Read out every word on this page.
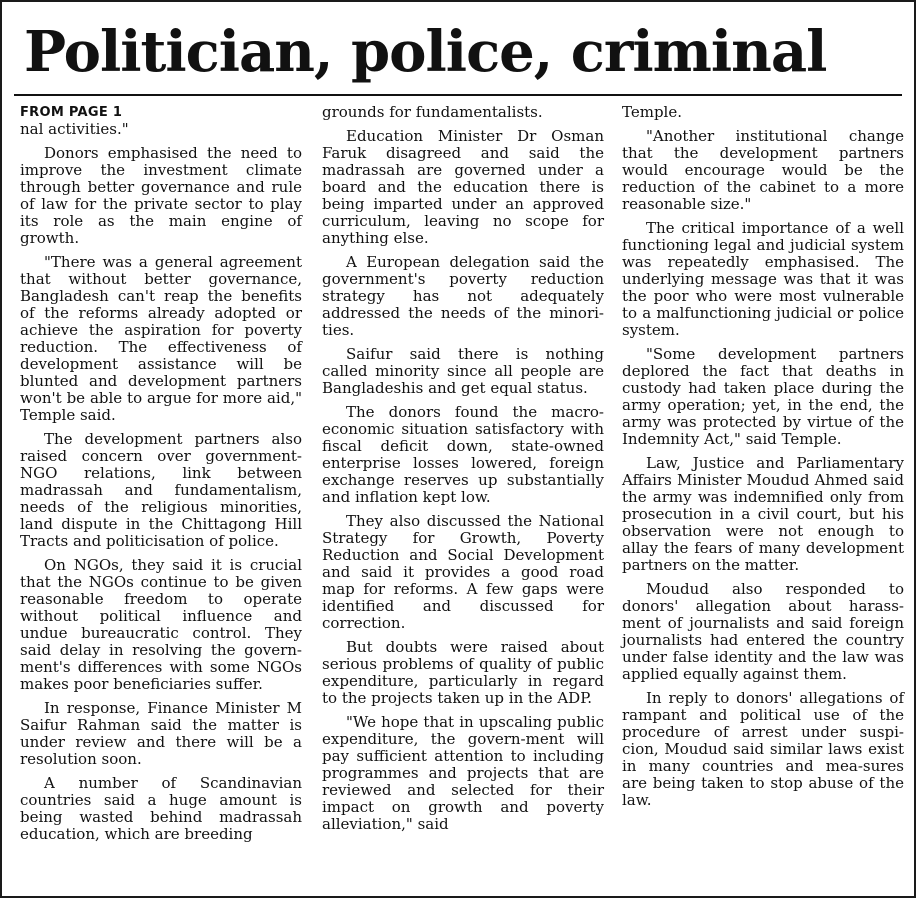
Politician, police, criminal
FROM PAGE 1

nal activities."

Donors emphasised the need to improve the investment climate through better governance and rule of law for the private sector to play its role as the main engine of growth.

"There was a general agreement that without better governance, Bangladesh can't reap the benefits of the reforms already adopted or achieve the aspiration for poverty reduction. The effectiveness of development assistance will be blunted and development partners won't be able to argue for more aid," Temple said.

The development partners also raised concern over government-NGO relations, link between madrassah and fundamentalism, needs of the religious minorities, land dispute in the Chittagong Hill Tracts and politicisation of police.

On NGOs, they said it is crucial that the NGOs continue to be given reasonable freedom to operate without political influence and undue bureaucratic control. They said delay in resolving the govern-ment's differences with some NGOs makes poor beneficiaries suffer.

In response, Finance Minister M Saifur Rahman said the matter is under review and there will be a resolution soon.

A number of Scandinavian countries said a huge amount is being wasted behind madrassah education, which are breeding

grounds for fundamentalists.

Education Minister Dr Osman Faruk disagreed and said the madrassah are governed under a board and the education there is being imparted under an approved curriculum, leaving no scope for anything else.

A European delegation said the government's poverty reduction strategy has not adequately addressed the needs of the minori-ties.

Saifur said there is nothing called minority since all people are Bangladeshis and get equal status.

The donors found the macro-economic situation satisfactory with fiscal deficit down, state-owned enterprise losses lowered, foreign exchange reserves up substantially and inflation kept low.

They also discussed the National Strategy for Growth, Poverty Reduction and Social Development and said it provides a good road map for reforms. A few gaps were identified and discussed for correction.

But doubts were raised about serious problems of quality of public expenditure, particularly in regard to the projects taken up in the ADP.

"We hope that in upscaling public expenditure, the govern-ment will pay sufficient attention to including programmes and projects that are reviewed and selected for their impact on growth and poverty alleviation," said

Temple.

"Another institutional change that the development partners would encourage would be the reduction of the cabinet to a more reasonable size."

The critical importance of a well functioning legal and judicial system was repeatedly emphasised. The underlying message was that it was the poor who were most vulnerable to a malfunctioning judicial or police system.

"Some development partners deplored the fact that deaths in custody had taken place during the army operation; yet, in the end, the army was protected by virtue of the Indemnity Act," said Temple.

Law, Justice and Parliamentary Affairs Minister Moudud Ahmed said the army was indemnified only from prosecution in a civil court, but his observation were not enough to allay the fears of many development partners on the matter.

Moudud also responded to donors' allegation about harass-ment of journalists and said foreign journalists had entered the country under false identity and the law was applied equally against them.

In reply to donors' allegations of rampant and political use of the procedure of arrest under suspi-cion, Moudud said similar laws exist in many countries and mea-sures are being taken to stop abuse of the law.
